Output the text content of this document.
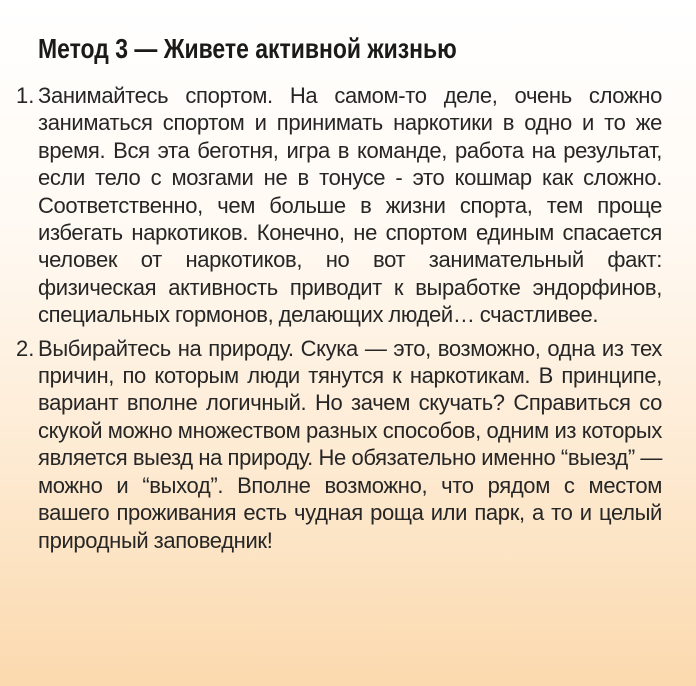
Метод 3 — Живете активной жизнью
1. Занимайтесь спортом. На самом-то деле, очень сложно заниматься спортом и принимать наркотики в одно и то же время. Вся эта беготня, игра в команде, работа на результат, если тело с мозгами не в тонусе - это кошмар как сложно. Соответственно, чем больше в жизни спорта, тем проще избегать наркотиков. Конечно, не спортом единым спасается человек от наркотиков, но вот занимательный факт: физическая активность приводит к выработке эндорфинов, специальных гормонов, делающих людей… счастливее.
2. Выбирайтесь на природу. Скука — это, возможно, одна из тех причин, по которым люди тянутся к наркотикам. В принципе, вариант вполне логичный. Но зачем скучать? Справиться со скукой можно множеством разных способов, одним из которых является выезд на природу. Не обязательно именно “выезд” — можно и “выход”. Вполне возможно, что рядом с местом вашего проживания есть чудная роща или парк, а то и целый природный заповедник!
